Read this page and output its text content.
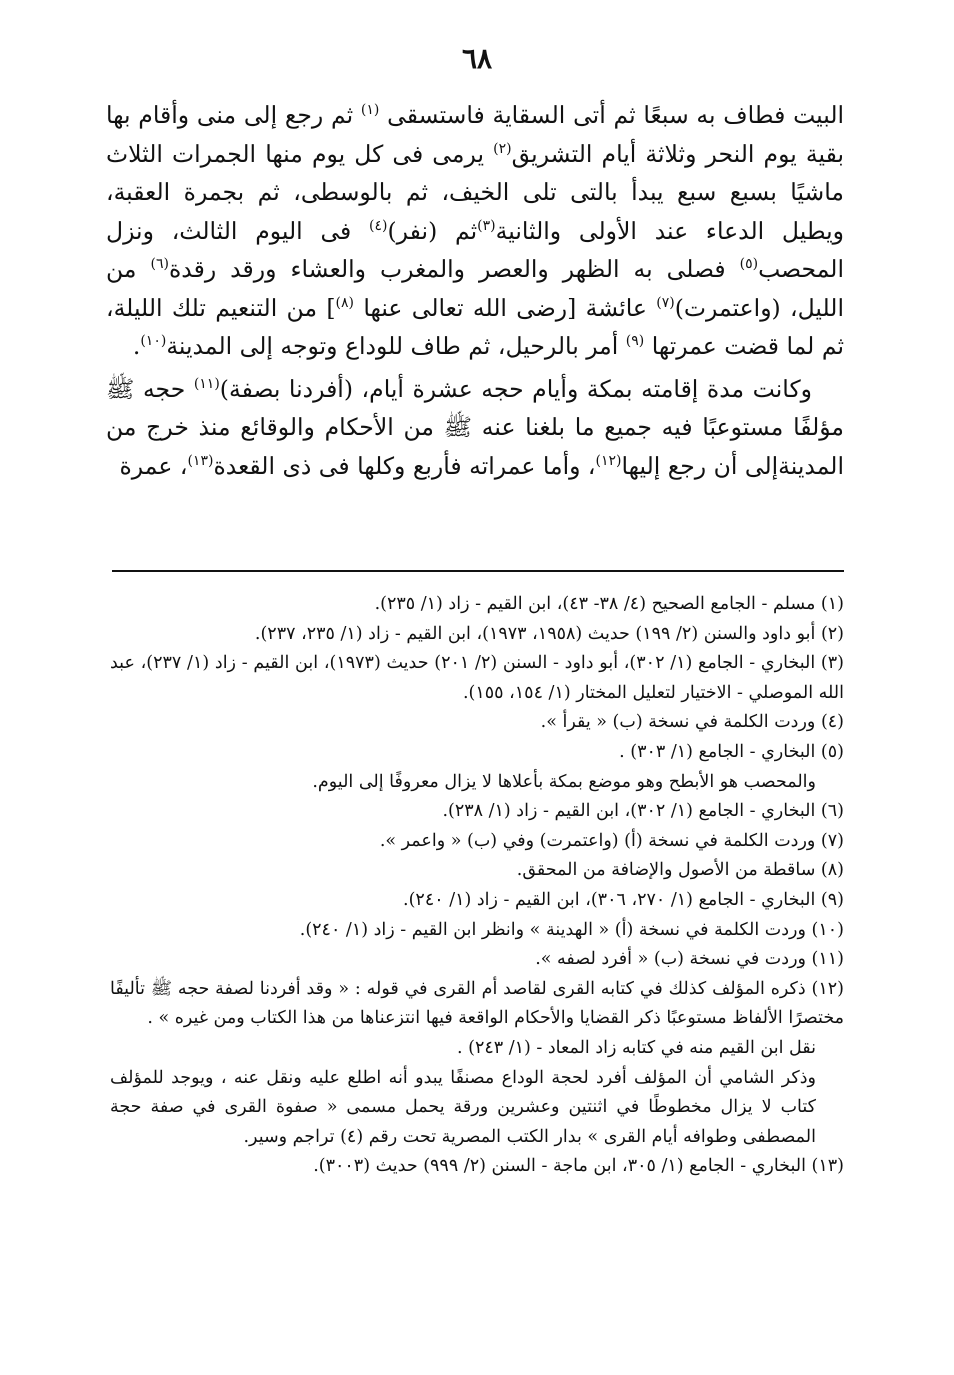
٦٨

البيت فطاف به سبعًا ثم أتى السقاية فاستسقى $^{(١)}$ ثم رجع إلى منى وأقام بها بقية يوم النحر وثلاثة أيام التشريق$^{(٢)}$ يرمى فى كل يوم منها الجمرات الثلاث ماشيًا بسبع سبع يبدأ بالتى تلى الخيف، ثم بالوسطى، ثم بجمرة العقبة، ويطيل الدعاء عند الأولى والثانية$^{(٣)}$ثم (نفر)$^{(٤)}$ فى اليوم الثالث، ونزل المحصب$^{(٥)}$ فصلى به الظهر والعصر والمغرب والعشاء ورقد رقدة$^{(٦)}$ من الليل، (واعتمرت)$^{(٧)}$ عائشة [رضى الله تعالى عنها $^{(٨)}$] من التنعيم تلك الليلة، ثم لما قضت عمرتها $^{(٩)}$ أمر بالرحيل، ثم طاف للوداع وتوجه إلى المدينة$^{(١٠)}$.

وكانت مدة إقامته بمكة وأيام حجه عشرة أيام، (أفردنا بصفة)$^{(١١)}$ حجه ﷺ مؤلفًا مستوعبًا فيه جميع ما بلغنا عنه ﷺ من الأحكام والوقائع منذ خرج من المدينةإلى أن رجع إليها$^{(١٢)}$، وأما عمراته فأربع وكلها فى ذى القعدة$^{(١٣)}$، عمرة

(١) مسلم - الجامع الصحيح (٤/ ٣٨- ٤٣)، ابن القيم - زاد (١/ ٢٣٥).

(٢) أبو داود والسنن (٢/ ١٩٩) حديث (١٩٥٨، ١٩٧٣)، ابن القيم - زاد (١/ ٢٣٥، ٢٣٧).

(٣) البخاري - الجامع (١/ ٣٠٢)، أبو داود - السنن (٢/ ٢٠١) حديث (١٩٧٣)، ابن القيم - زاد (١/ ٢٣٧)، عبد الله الموصلي - الاختيار لتعليل المختار (١/ ١٥٤، ١٥٥).

(٤) وردت الكلمة في نسخة (ب) « يقرأ ».

(٥) البخاري - الجامع (١/ ٣٠٣) .

والمحصب هو الأبطح وهو موضع بمكة بأعلاها لا يزال معروفًا إلى اليوم.

(٦) البخاري - الجامع (١/ ٣٠٢)، ابن القيم - زاد (١/ ٢٣٨).

(٧) وردت الكلمة في نسخة (أ) (واعتمرت) وفي (ب) « واعمر ».

(٨) ساقطة من الأصول والإضافة من المحقق.

(٩) البخاري - الجامع (١/ ٢٧٠، ٣٠٦)، ابن القيم - زاد (١/ ٢٤٠).

(١٠) وردت الكلمة في نسخة (أ) « الهدينة » وانظر ابن القيم - زاد (١/ ٢٤٠).

(١١) وردت في نسخة (ب) « أفرد لصفه ».

(١٢) ذكره المؤلف كذلك في كتابه القرى لقاصد أم القرى في قوله : « وقد أفردنا لصفة حجه ﷺ تأليفًا مختصرًا الألفاظ مستوعبًا ذكر القضايا والأحكام الواقعة فيها انتزعناها من هذا الكتاب ومن غيره » .

نقل ابن القيم منه في كتابه زاد المعاد - (١/ ٢٤٣) .

وذكر الشامي أن المؤلف أفرد لحجة الوداع مصنفًا يبدو أنه اطلع عليه ونقل عنه ، ويوجد للمؤلف كتاب لا يزال مخطوطًا في اثنتين وعشرين ورقة يحمل مسمى « صفوة القرى في صفة حجة المصطفى وطوافه أيام القرى » بدار الكتب المصرية تحت رقم (٤) تراجم وسير.

(١٣) البخاري - الجامع (١/ ٣٠٥، ابن ماجة - السنن (٢/ ٩٩٩) حديث (٣٠٠٣).
